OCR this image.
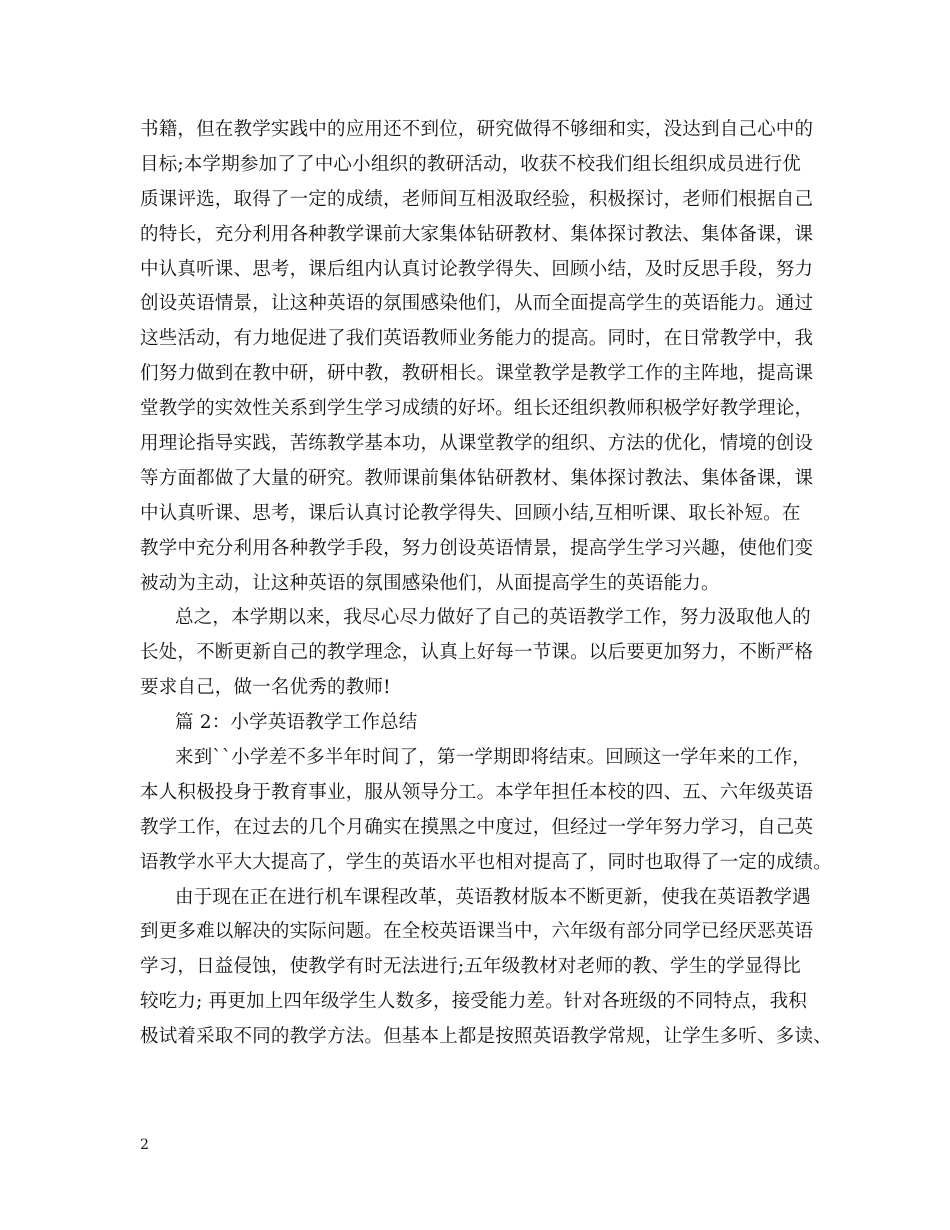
书籍，但在教学实践中的应用还不到位，研究做得不够细和实，没达到自己心中的
目标;本学期参加了了中心小组织的教研活动，收获不校我们组长组织成员进行优
质课评选，取得了一定的成绩，老师间互相汲取经验，积极探讨，老师们根据自己
的特长，充分利用各种教学课前大家集体钻研教材、集体探讨教法、集体备课，课
中认真听课、思考，课后组内认真讨论教学得失、回顾小结，及时反思手段，努力
创设英语情景，让这种英语的氛围感染他们，从而全面提高学生的英语能力。通过
这些活动，有力地促进了我们英语教师业务能力的提高。同时，在日常教学中，我
们努力做到在教中研，研中教，教研相长。课堂教学是教学工作的主阵地，提高课
堂教学的实效性关系到学生学习成绩的好坏。组长还组织教师积极学好教学理论，
用理论指导实践，苦练教学基本功，从课堂教学的组织、方法的优化，情境的创设
等方面都做了大量的研究。教师课前集体钻研教材、集体探讨教法、集体备课，课
中认真听课、思考，课后认真讨论教学得失、回顾小结,互相听课、取长补短。在
教学中充分利用各种教学手段，努力创设英语情景，提高学生学习兴趣，使他们变
被动为主动，让这种英语的氛围感染他们，从面提高学生的英语能力。
总之，本学期以来，我尽心尽力做好了自己的英语教学工作，努力汲取他人的
长处，不断更新自己的教学理念，认真上好每一节课。以后要更加努力，不断严格
要求自己，做一名优秀的教师!
篇 2：小学英语教学工作总结
来到``小学差不多半年时间了，第一学期即将结束。回顾这一学年来的工作，
本人积极投身于教育事业，服从领导分工。本学年担任本校的四、五、六年级英语
教学工作，在过去的几个月确实在摸黑之中度过，但经过一学年努力学习，自己英
语教学水平大大提高了，学生的英语水平也相对提高了，同时也取得了一定的成绩。
由于现在正在进行机车课程改革，英语教材版本不断更新，使我在英语教学遇
到更多难以解决的实际问题。在全校英语课当中，六年级有部分同学已经厌恶英语
学习，日益侵蚀，使教学有时无法进行;五年级教材对老师的教、学生的学显得比
较吃力; 再更加上四年级学生人数多，接受能力差。针对各班级的不同特点，我积
极试着采取不同的教学方法。但基本上都是按照英语教学常规，让学生多听、多读、
2
